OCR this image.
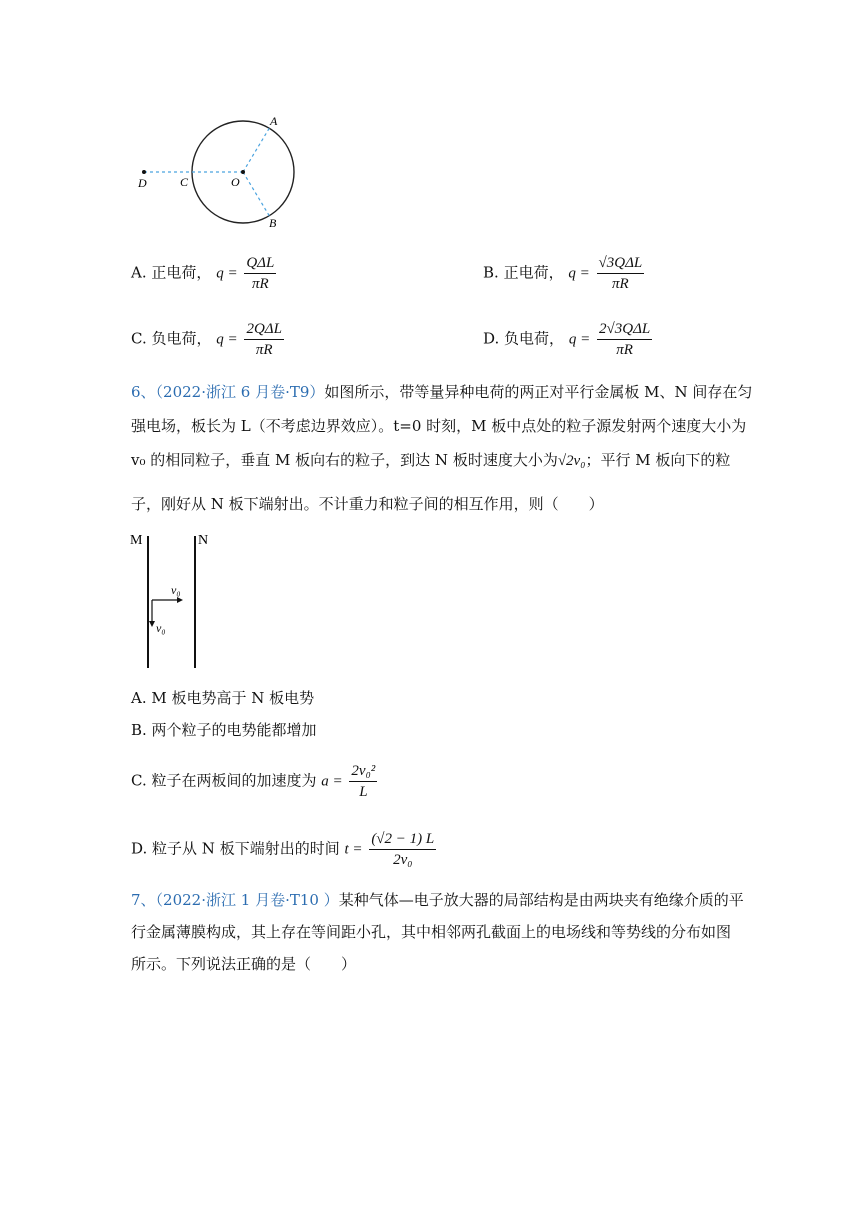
A
B
C
D	O
A. 正电荷， $q = \frac{\text{QΔL}}{\pi R}$	B. 正电荷， $q = \frac{\text{√3QΔL}}{\pi R}$
C. 负电荷， $q = \frac{\text{2QΔL}}{\pi R}$	D. 负电荷， $q = \frac{\text{2√3QΔL}}{\pi R}$
6、（2022·浙江 6 月卷·T9）如图所示，带等量异种电荷的两正对平行金属板 M、N 间存在匀
强电场，板长为 L（不考虑边界效应）。t=0 时刻，M 板中点处的粒子源发射两个速度大小为
v₀ 的相同粒子，垂直 M 板向右的粒子，到达 N 板时速度大小为√2v₀；平行 M 板向下的粒
子，刚好从 N 板下端射出。不计重力和粒子间的相互作用，则（　　）
M	N
v₀
v₀
A. M 板电势高于 N 板电势
B. 两个粒子的电势能都增加
C. 粒子在两板间的加速度为 $a = \frac{\text{2v₀²}}{L}$
D. 粒子从 N 板下端射出的时间 $t = \frac{(√2 - 1) L}{\text{2v₀}}$
7、（2022·浙江 1 月卷·T10 ）某种气体—电子放大器的局部结构是由两块夹有绝缘介质的平
行金属薄膜构成，其上存在等间距小孔，其中相邻两孔截面上的电场线和等势线的分布如图
所示。下列说法正确的是（　　）
